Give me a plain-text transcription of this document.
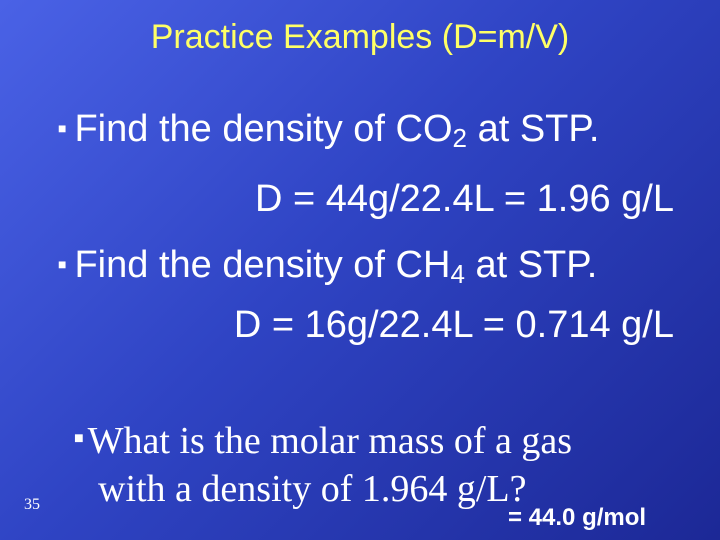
Practice Examples (D=m/V)
■ Find the density of $CO_2$ at STP.
D = 44g/22.4L = 1.96 g/L
■ Find the density of $CH_4$ at STP.
D = 16g/22.4L = 0.714 g/L
■ What is the molar mass of a gas
with a density of 1.964 g/L?
= 44.0 g/mol
35
